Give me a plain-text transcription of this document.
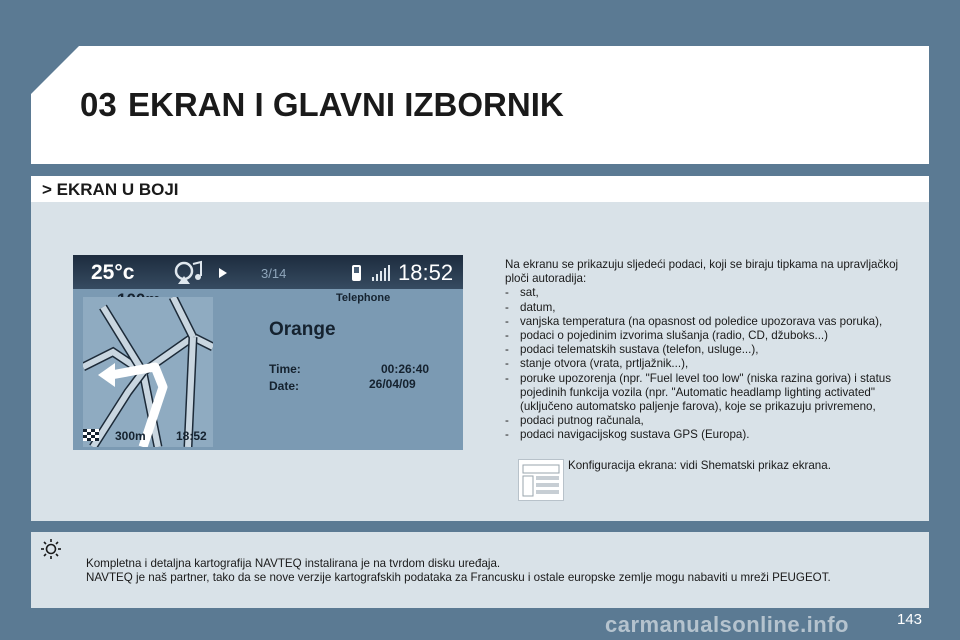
03 EKRAN I GLAVNI IZBORNIK
> EKRAN U BOJI
25°c	3/14	18:52
Telephone
Orange
Time:	00:26:40
Date:	26/04/09
300m	18:52

Na ekranu se prikazuju sljedeći podaci, koji se biraju tipkama na upravljačkoj ploči autoradija:

- sat,
- datum,
- vanjska temperatura (na opasnost od poledice upozorava vas poruka),
- podaci o pojedinim izvorima slušanja (radio, CD, džuboks...)
- podaci telematskih sustava (telefon, usluge...),
- stanje otvora (vrata, prtljažnik...),
- poruke upozorenja (npr. "Fuel level too low" (niska razina goriva) i status pojedinih funkcija vozila (npr. "Automatic headlamp lighting activated" (uključeno automatsko paljenje farova), koje se prikazuju privremeno,
- podaci putnog računala,
- podaci navigacijskog sustava GPS (Europa).
Konfiguracija ekrana: vidi Shematski prikaz ekrana.

Kompletna i detaljna kartografija NAVTEQ instalirana je na tvrdom disku uređaja.

NAVTEQ je naš partner, tako da se nove verzije kartografskih podataka za Francusku i ostale europske zemlje mogu nabaviti u mreži PEUGEOT.

carmanualsonline.info	143
